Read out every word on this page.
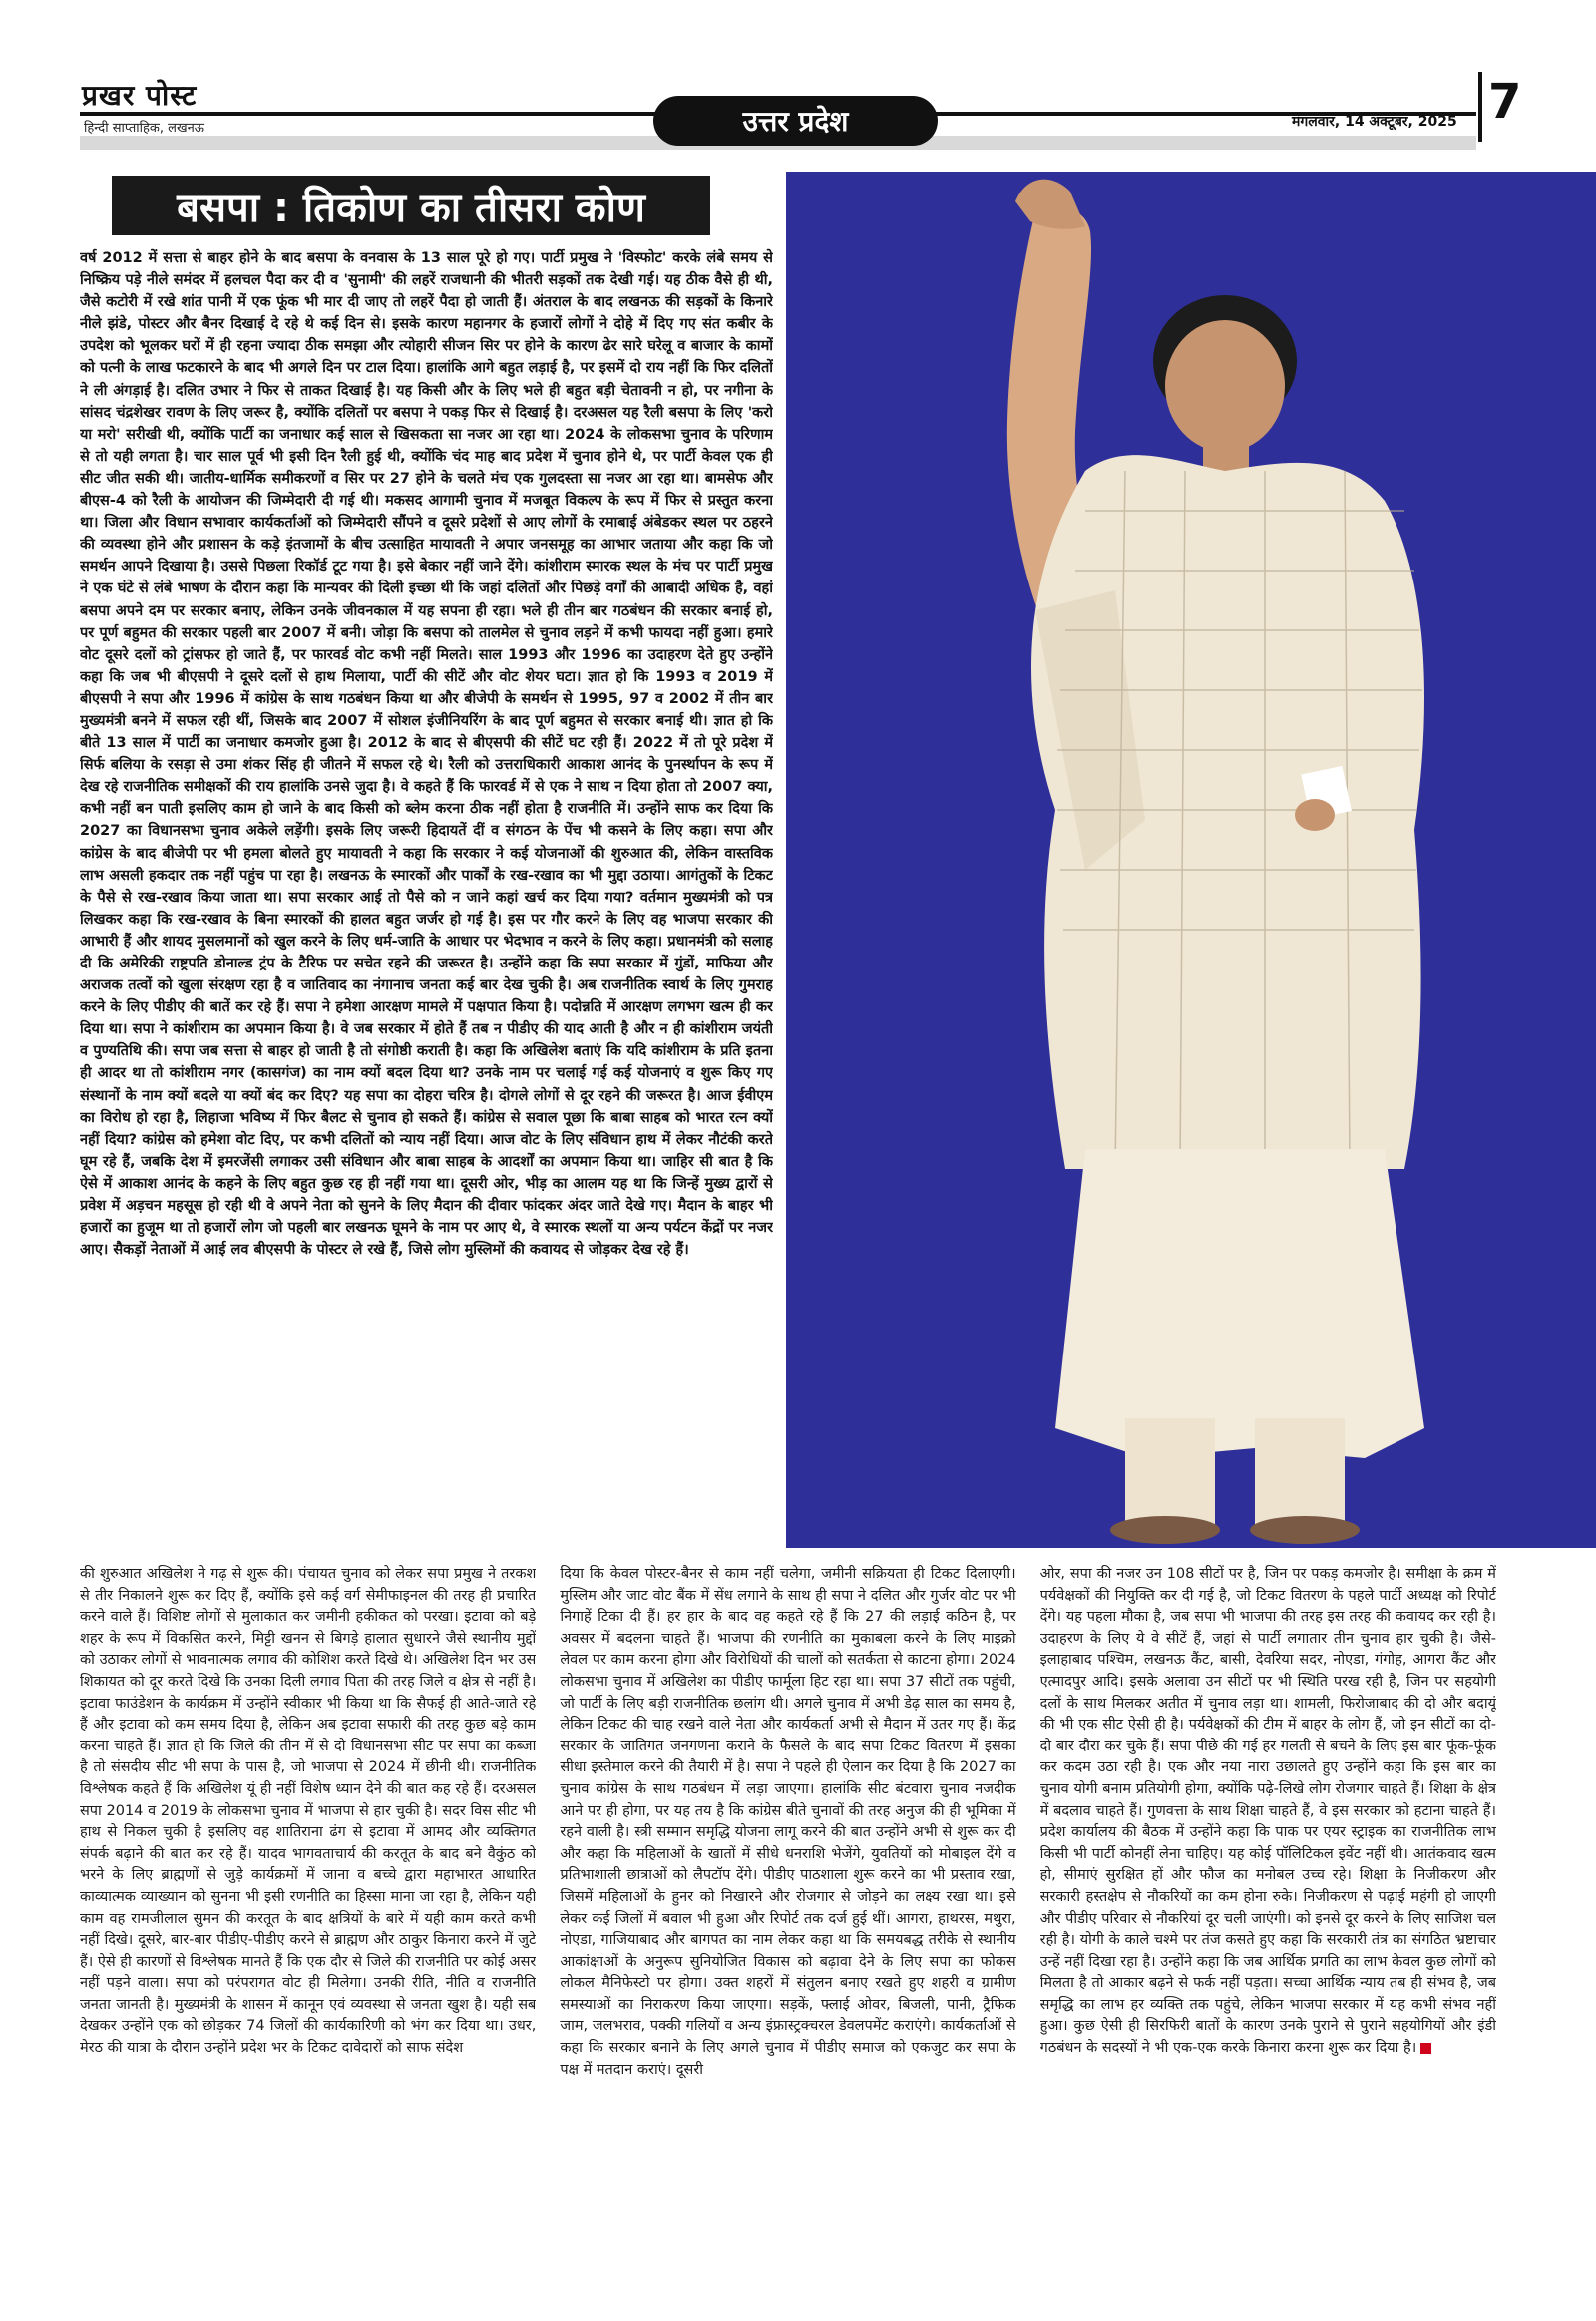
प्रखर पोस्ट
हिन्दी साप्ताहिक, लखनऊ	उत्तर प्रदेश	मंगलवार, 14 अक्टूबर, 2025 7
बसपा : तिकोण का तीसरा कोण

वर्ष 2012 में सत्ता से बाहर होने के बाद बसपा के वनवास के 13 साल पूरे हो गए। पार्टी प्रमुख ने 'विस्फोट' करके लंबे समय से निष्क्रिय पड़े नीले समंदर में हलचल पैदा कर दी व 'सुनामी' की लहरें राजधानी की भीतरी सड़कों तक देखी गई। यह ठीक वैसे ही थी, जैसे कटोरी में रखे शांत पानी में एक फूंक भी मार दी जाए तो लहरें पैदा हो जाती हैं। अंतराल के बाद लखनऊ की सड़कों के किनारे नीले झंडे, पोस्टर और बैनर दिखाई दे रहे थे कई दिन से। इसके कारण महानगर के हजारों लोगों ने दोहे में दिए गए संत कबीर के उपदेश को भूलकर घरों में ही रहना ज्यादा ठीक समझा और त्योहारी सीजन सिर पर होने के कारण ढेर सारे घरेलू व बाजार के कामों को पत्नी के लाख फटकारने के बाद भी अगले दिन पर टाल दिया। हालांकि आगे बहुत लड़ाई है, पर इसमें दो राय नहीं कि फिर दलितों ने ली अंगड़ाई है। दलित उभार ने फिर से ताकत दिखाई है। यह किसी और के लिए भले ही बहुत बड़ी चेतावनी न हो, पर नगीना के सांसद चंद्रशेखर रावण के लिए जरूर है, क्योंकि दलितों पर बसपा ने पकड़ फिर से दिखाई है। दरअसल यह रैली बसपा के लिए 'करो या मरो' सरीखी थी, क्योंकि पार्टी का जनाधार कई साल से खिसकता सा नजर आ रहा था। 2024 के लोकसभा चुनाव के परिणाम से तो यही लगता है। चार साल पूर्व भी इसी दिन रैली हुई थी, क्योंकि चंद माह बाद प्रदेश में चुनाव होने थे, पर पार्टी केवल एक ही सीट जीत सकी थी। जातीय-धार्मिक समीकरणों व सिर पर 27 होने के चलते मंच एक गुलदस्ता सा नजर आ रहा था। बामसेफ और बीएस-4 को रैली के आयोजन की जिम्मेदारी दी गई थी। मकसद आगामी चुनाव में मजबूत विकल्प के रूप में फिर से प्रस्तुत करना था। जिला और विधान सभावार कार्यकर्ताओं को जिम्मेदारी सौंपने व दूसरे प्रदेशों से आए लोगों के रमाबाई अंबेडकर स्थल पर ठहरने की व्यवस्था होने और प्रशासन के कड़े इंतजामों के बीच उत्साहित मायावती ने अपार जनसमूह का आभार जताया और कहा कि जो समर्थन आपने दिखाया है। उससे पिछला रिकॉर्ड टूट गया है। इसे बेकार नहीं जाने देंगे। कांशीराम स्मारक स्थल के मंच पर पार्टी प्रमुख ने एक घंटे से लंबे भाषण के दौरान कहा कि मान्यवर की दिली इच्छा थी कि जहां दलितों और पिछड़े वर्गों की आबादी अधिक है, वहां बसपा अपने दम पर सरकार बनाए, लेकिन उनके जीवनकाल में यह सपना ही रहा। भले ही तीन बार गठबंधन की सरकार बनाई हो, पर पूर्ण बहुमत की सरकार पहली बार 2007 में बनी। जोड़ा कि बसपा को तालमेल से चुनाव लड़ने में कभी फायदा नहीं हुआ। हमारे वोट दूसरे दलों को ट्रांसफर हो जाते हैं, पर फारवर्ड वोट कभी नहीं मिलते। साल 1993 और 1996 का उदाहरण देते हुए उन्होंने कहा कि जब भी बीएसपी ने दूसरे दलों से हाथ मिलाया, पार्टी की सीटें और वोट शेयर घटा। ज्ञात हो कि 1993 व 2019 में बीएसपी ने सपा और 1996 में कांग्रेस के साथ गठबंधन किया था और बीजेपी के समर्थन से 1995, 97 व 2002 में तीन बार मुख्यमंत्री बनने में सफल रही थीं, जिसके बाद 2007 में सोशल इंजीनियरिंग के बाद पूर्ण बहुमत से सरकार बनाई थी। ज्ञात हो कि बीते 13 साल में पार्टी का जनाधार कमजोर हुआ है। 2012 के बाद से बीएसपी की सीटें घट रही हैं। 2022 में तो पूरे प्रदेश में सिर्फ बलिया के रसड़ा से उमा शंकर सिंह ही जीतने में सफल रहे थे। रैली को उत्तराधिकारी आकाश आनंद के पुनर्स्थापन के रूप में देख रहे राजनीतिक समीक्षकों की राय हालांकि उनसे जुदा है। वे कहते हैं कि फारवर्ड में से एक ने साथ न दिया होता तो 2007 क्या, कभी नहीं बन पाती इसलिए काम हो जाने के बाद किसी को ब्लेम करना ठीक नहीं होता है राजनीति में। उन्होंने साफ कर दिया कि 2027 का विधानसभा चुनाव अकेले लड़ेंगी। इसके लिए जरूरी हिदायतें दीं व संगठन के पेंच भी कसने के लिए कहा। सपा और कांग्रेस के बाद बीजेपी पर भी हमला बोलते हुए मायावती ने कहा कि सरकार ने कई योजनाओं की शुरुआत की, लेकिन वास्तविक लाभ असली हकदार तक नहीं पहुंच पा रहा है। लखनऊ के स्मारकों और पार्कों के रख-रखाव का भी मुद्दा उठाया। आगंतुकों के टिकट के पैसे से रख-रखाव किया जाता था। सपा सरकार आई तो पैसे को न जाने कहां खर्च कर दिया गया? वर्तमान मुख्यमंत्री को पत्र लिखकर कहा कि रख-रखाव के बिना स्मारकों की हालत बहुत जर्जर हो गई है। इस पर गौर करने के लिए वह भाजपा सरकार की आभारी हैं और शायद मुसलमानों को खुल करने के लिए धर्म-जाति के आधार पर भेदभाव न करने के लिए कहा। प्रधानमंत्री को सलाह दी कि अमेरिकी राष्ट्रपति डोनाल्ड ट्रंप के टैरिफ पर सचेत रहने की जरूरत है। उन्होंने कहा कि सपा सरकार में गुंडों, माफिया और अराजक तत्वों को खुला संरक्षण रहा है व जातिवाद का नंगानाच जनता कई बार देख चुकी है। अब राजनीतिक स्वार्थ के लिए गुमराह करने के लिए पीडीए की बातें कर रहे हैं। सपा ने हमेशा आरक्षण मामले में पक्षपात किया है। पदोन्नति में आरक्षण लगभग खत्म ही कर दिया था। सपा ने कांशीराम का अपमान किया है। वे जब सरकार में होते हैं तब न पीडीए की याद आती है और न ही कांशीराम जयंती व पुण्यतिथि की। सपा जब सत्ता से बाहर हो जाती है तो संगोष्ठी कराती है। कहा कि अखिलेश बताएं कि यदि कांशीराम के प्रति इतना ही आदर था तो कांशीराम नगर (कासगंज) का नाम क्यों बदल दिया था? उनके नाम पर चलाई गई कई योजनाएं व शुरू किए गए संस्थानों के नाम क्यों बदले या क्यों बंद कर दिए? यह सपा का दोहरा चरित्र है। दोगले लोगों से दूर रहने की जरूरत है। आज ईवीएम का विरोध हो रहा है, लिहाजा भविष्य में फिर बैलट से चुनाव हो सकते हैं। कांग्रेस से सवाल पूछा कि बाबा साहब को भारत रत्न क्यों नहीं दिया? कांग्रेस को हमेशा वोट दिए, पर कभी दलितों को न्याय नहीं दिया। आज वोट के लिए संविधान हाथ में लेकर नौटंकी करते घूम रहे हैं, जबकि देश में इमरजेंसी लगाकर उसी संविधान और बाबा साहब के आदर्शों का अपमान किया था। जाहिर सी बात है कि ऐसे में आकाश आनंद के कहने के लिए बहुत कुछ रह ही नहीं गया था। दूसरी ओर, भीड़ का आलम यह था कि जिन्हें मुख्य द्वारों से प्रवेश में अड़चन महसूस हो रही थी वे अपने नेता को सुनने के लिए मैदान की दीवार फांदकर अंदर जाते देखे गए। मैदान के बाहर भी हजारों का हुजूम था तो हजारों लोग जो पहली बार लखनऊ घूमने के नाम पर आए थे, वे स्मारक स्थलों या अन्य पर्यटन केंद्रों पर नजर आए। सैकड़ों नेताओं में आई लव बीएसपी के पोस्टर ले रखे हैं, जिसे लोग मुस्लिमों की कवायद से जोड़कर देख रहे हैं।

की शुरुआत अखिलेश ने गढ़ से शुरू की। पंचायत चुनाव को लेकर सपा प्रमुख ने तरकश से तीर निकालने शुरू कर दिए हैं, क्योंकि इसे कई वर्ग सेमीफाइनल की तरह ही प्रचारित करने वाले हैं। विशिष्ट लोगों से मुलाकात कर जमीनी हकीकत को परखा। इटावा को बड़े शहर के रूप में विकसित करने, मिट्टी खनन से बिगड़े हालात सुधारने जैसे स्थानीय मुद्दों को उठाकर लोगों से भावनात्मक लगाव की कोशिश करते दिखे थे। अखिलेश दिन भर उस शिकायत को दूर करते दिखे कि उनका दिली लगाव पिता की तरह जिले व क्षेत्र से नहीं है। इटावा फाउंडेशन के कार्यक्रम में उन्होंने स्वीकार भी किया था कि सैफई ही आते-जाते रहे हैं और इटावा को कम समय दिया है, लेकिन अब इटावा सफारी की तरह कुछ बड़े काम करना चाहते हैं। ज्ञात हो कि जिले की तीन में से दो विधानसभा सीट पर सपा का कब्जा है तो संसदीय सीट भी सपा के पास है, जो भाजपा से 2024 में छीनी थी। राजनीतिक विश्लेषक कहते हैं कि अखिलेश यूं ही नहीं विशेष ध्यान देने की बात कह रहे हैं। दरअसल सपा 2014 व 2019 के लोकसभा चुनाव में भाजपा से हार चुकी है। सदर विस सीट भी हाथ से निकल चुकी है इसलिए वह शातिराना ढंग से इटावा में आमद और व्यक्तिगत संपर्क बढ़ाने की बात कर रहे हैं। यादव भागवताचार्य की करतूत के बाद बने वैकुंठ को भरने के लिए ब्राह्मणों से जुड़े कार्यक्रमों में जाना व बच्चे द्वारा महाभारत आधारित काव्यात्मक व्याख्यान को सुनना भी इसी रणनीति का हिस्सा माना जा रहा है, लेकिन यही काम वह रामजीलाल सुमन की करतूत के बाद क्षत्रियों के बारे में यही काम करते कभी नहीं दिखे। दूसरे, बार-बार पीडीए-पीडीए करने से ब्राह्मण और ठाकुर किनारा करने में जुटे हैं। ऐसे ही कारणों से विश्लेषक मानते हैं कि एक दौर से जिले की राजनीति पर कोई असर नहीं पड़ने वाला। सपा को परंपरागत वोट ही मिलेगा। उनकी रीति, नीति व राजनीति जनता जानती है। मुख्यमंत्री के शासन में कानून एवं व्यवस्था से जनता खुश है। यही सब देखकर उन्होंने एक को छोड़कर 74 जिलों की कार्यकारिणी को भंग कर दिया था। उधर, मेरठ की यात्रा के दौरान उन्होंने प्रदेश भर के टिकट दावेदारों को साफ संदेश

दिया कि केवल पोस्टर-बैनर से काम नहीं चलेगा, जमीनी सक्रियता ही टिकट दिलाएगी। मुस्लिम और जाट वोट बैंक में सेंध लगाने के साथ ही सपा ने दलित और गुर्जर वोट पर भी निगाहें टिका दी हैं। हर हार के बाद वह कहते रहे हैं कि 27 की लड़ाई कठिन है, पर अवसर में बदलना चाहते हैं। भाजपा की रणनीति का मुकाबला करने के लिए माइक्रो लेवल पर काम करना होगा और विरोधियों की चालों को सतर्कता से काटना होगा। 2024 लोकसभा चुनाव में अखिलेश का पीडीए फार्मूला हिट रहा था। सपा 37 सीटों तक पहुंची, जो पार्टी के लिए बड़ी राजनीतिक छलांग थी। अगले चुनाव में अभी डेढ़ साल का समय है, लेकिन टिकट की चाह रखने वाले नेता और कार्यकर्ता अभी से मैदान में उतर गए हैं। केंद्र सरकार के जातिगत जनगणना कराने के फैसले के बाद सपा टिकट वितरण में इसका सीधा इस्तेमाल करने की तैयारी में है। सपा ने पहले ही ऐलान कर दिया है कि 2027 का चुनाव कांग्रेस के साथ गठबंधन में लड़ा जाएगा। हालांकि सीट बंटवारा चुनाव नजदीक आने पर ही होगा, पर यह तय है कि कांग्रेस बीते चुनावों की तरह अनुज की ही भूमिका में रहने वाली है। स्त्री सम्मान समृद्धि योजना लागू करने की बात उन्होंने अभी से शुरू कर दी और कहा कि महिलाओं के खातों में सीधे धनराशि भेजेंगे, युवतियों को मोबाइल देंगे व प्रतिभाशाली छात्राओं को लैपटॉप देंगे। पीडीए पाठशाला शुरू करने का भी प्रस्ताव रखा, जिसमें महिलाओं के हुनर को निखारने और रोजगार से जोड़ने का लक्ष्य रखा था। इसे लेकर कई जिलों में बवाल भी हुआ और रिपोर्ट तक दर्ज हुई थीं। आगरा, हाथरस, मथुरा, नोएडा, गाजियाबाद और बागपत का नाम लेकर कहा था कि समयबद्ध तरीके से स्थानीय आकांक्षाओं के अनुरूप सुनियोजित विकास को बढ़ावा देने के लिए सपा का फोकस लोकल मैनिफेस्टो पर होगा। उक्त शहरों में संतुलन बनाए रखते हुए शहरी व ग्रामीण समस्याओं का निराकरण किया जाएगा। सड़कें, फ्लाई ओवर, बिजली, पानी, ट्रैफिक जाम, जलभराव, पक्की गलियों व अन्य इंफ्रास्ट्रक्चरल डेवलपमेंट कराएंगे। कार्यकर्ताओं से कहा कि सरकार बनाने के लिए अगले चुनाव में पीडीए समाज को एकजुट कर सपा के पक्ष में मतदान कराएं। दूसरी

ओर, सपा की नजर उन 108 सीटों पर है, जिन पर पकड़ कमजोर है। समीक्षा के क्रम में पर्यवेक्षकों की नियुक्ति कर दी गई है, जो टिकट वितरण के पहले पार्टी अध्यक्ष को रिपोर्ट देंगे। यह पहला मौका है, जब सपा भी भाजपा की तरह इस तरह की कवायद कर रही है। उदाहरण के लिए ये वे सीटें हैं, जहां से पार्टी लगातार तीन चुनाव हार चुकी है। जैसे- इलाहाबाद पश्चिम, लखनऊ कैंट, बासी, देवरिया सदर, नोएडा, गंगोह, आगरा कैंट और एत्मादपुर आदि। इसके अलावा उन सीटों पर भी स्थिति परख रही है, जिन पर सहयोगी दलों के साथ मिलकर अतीत में चुनाव लड़ा था। शामली, फिरोजाबाद की दो और बदायूं की भी एक सीट ऐसी ही है। पर्यवेक्षकों की टीम में बाहर के लोग हैं, जो इन सीटों का दो-दो बार दौरा कर चुके हैं। सपा पीछे की गई हर गलती से बचने के लिए इस बार फूंक-फूंक कर कदम उठा रही है। एक और नया नारा उछालते हुए उन्होंने कहा कि इस बार का चुनाव योगी बनाम प्रतियोगी होगा, क्योंकि पढ़े-लिखे लोग रोजगार चाहते हैं। शिक्षा के क्षेत्र में बदलाव चाहते हैं। गुणवत्ता के साथ शिक्षा चाहते हैं, वे इस सरकार को हटाना चाहते हैं। प्रदेश कार्यालय की बैठक में उन्होंने कहा कि पाक पर एयर स्ट्राइक का राजनीतिक लाभ किसी भी पार्टी कोनहीं लेना चाहिए। यह कोई पॉलिटिकल इवेंट नहीं थी। आतंकवाद खत्म हो, सीमाएं सुरक्षित हों और फौज का मनोबल उच्च रहे। शिक्षा के निजीकरण और सरकारी हस्तक्षेप से नौकरियों का कम होना रुके। निजीकरण से पढ़ाई महंगी हो जाएगी और पीडीए परिवार से नौकरियां दूर चली जाएंगी। को इनसे दूर करने के लिए साजिश चल रही है। योगी के काले चश्मे पर तंज कसते हुए कहा कि सरकारी तंत्र का संगठित भ्रष्टाचार उन्हें नहीं दिखा रहा है। उन्होंने कहा कि जब आर्थिक प्रगति का लाभ केवल कुछ लोगों को मिलता है तो आकार बढ़ने से फर्क नहीं पड़ता। सच्चा आर्थिक न्याय तब ही संभव है, जब समृद्धि का लाभ हर व्यक्ति तक पहुंचे, लेकिन भाजपा सरकार में यह कभी संभव नहीं हुआ। कुछ ऐसी ही सिरफिरी बातों के कारण उनके पुराने से पुराने सहयोगियों और इंडी गठबंधन के सदस्यों ने भी एक-एक करके किनारा करना शुरू कर दिया है।
